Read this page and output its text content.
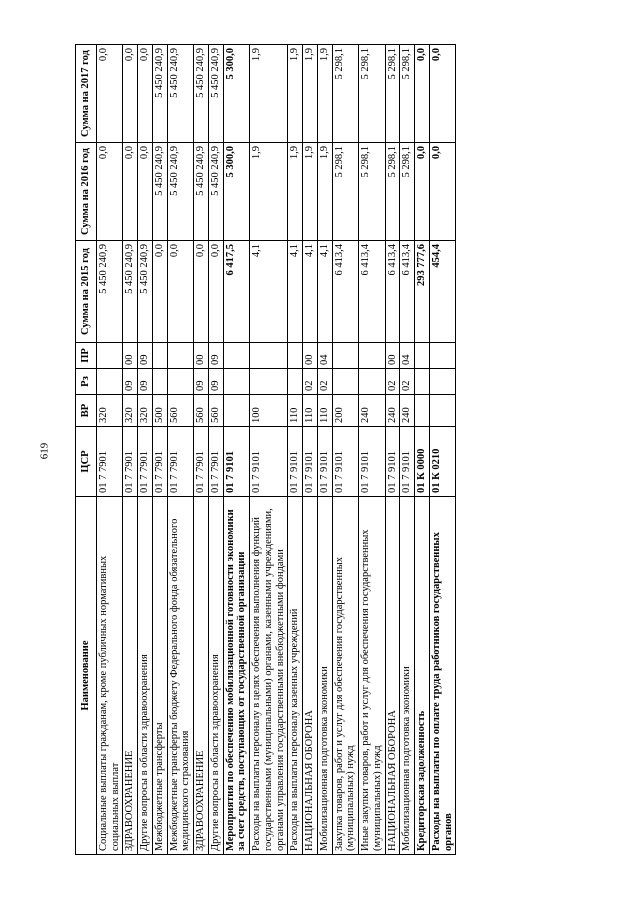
619
Наименование	ЦСР	ВР	Рз	ПР	Сумма на 2015 год	Сумма на 2016 год	Сумма на 2017 год
Социальные выплаты гражданам, кроме публичных нормативных социальных выплат	01 7 7901	320			5 450 240,9	0,0	0,0
ЗДРАВООХРАНЕНИЕ	01 7 7901	320	09	00	5 450 240,9	0,0	0,0
Другие вопросы в области здравоохранения	01 7 7901	320	09	09	5 450 240,9	0,0	0,0
Межбюджетные трансферты	01 7 7901	500			0,0	5 450 240,9	5 450 240,9
Межбюджетные трансферты бюджету Федерального фонда обязательного медицинского страхования	01 7 7901	560			0,0	5 450 240,9	5 450 240,9
ЗДРАВООХРАНЕНИЕ	01 7 7901	560	09	00	0,0	5 450 240,9	5 450 240,9
Другие вопросы в области здравоохранения	01 7 7901	560	09	09	0,0	5 450 240,9	5 450 240,9
Мероприятия по обеспечению мобилизационной готовности экономики за счет средств, поступающих от государственной организации	01 7 9101				6 417,5	5 300,0	5 300,0
Расходы на выплаты персоналу в целях обеспечения выполнения функций государственными (муниципальными) органами, казенными учреждениями, органами управления государственными внебюджетными фондами	01 7 9101	100			4,1	1,9	1,9
Расходы на выплаты персоналу казенных учреждений	01 7 9101	110			4,1	1,9	1,9
НАЦИОНАЛЬНАЯ ОБОРОНА	01 7 9101	110	02	00	4,1	1,9	1,9
Мобилизационная подготовка экономики	01 7 9101	110	02	04	4,1	1,9	1,9
Закупка товаров, работ и услуг для обеспечения государственных (муниципальных) нужд	01 7 9101	200			6 413,4	5 298,1	5 298,1
Иные закупки товаров, работ и услуг для обеспечения государственных (муниципальных) нужд	01 7 9101	240			6 413,4	5 298,1	5 298,1
НАЦИОНАЛЬНАЯ ОБОРОНА	01 7 9101	240	02	00	6 413,4	5 298,1	5 298,1
Мобилизационная подготовка экономики	01 7 9101	240	02	04	6 413,4	5 298,1	5 298,1
Кредиторская задолженность	01 К 0000				293 777,6	0,0	0,0
Расходы на выплаты по оплате труда работников государственных органов	01 К 0210				454,4	0,0	0,0
